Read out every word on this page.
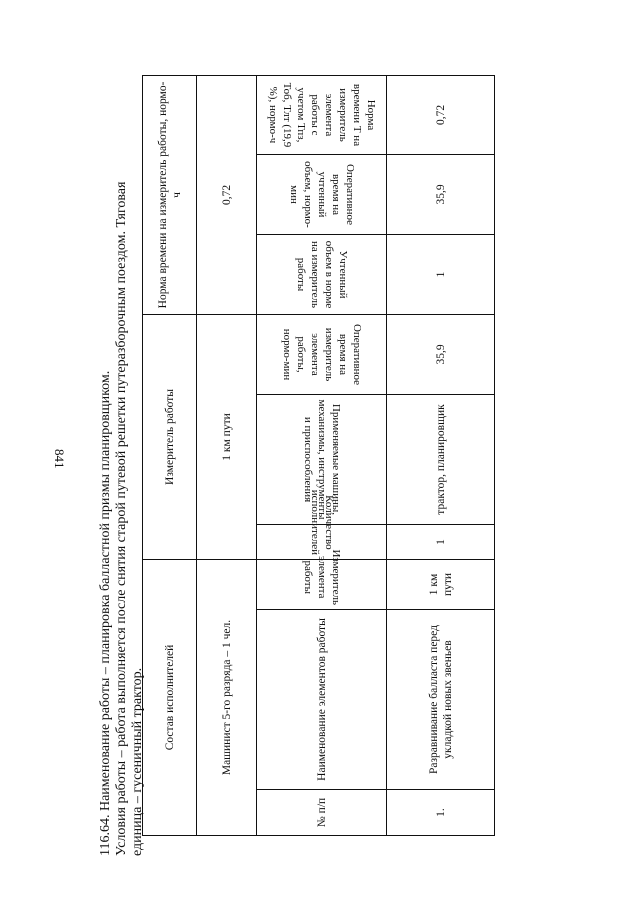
841 116.64. Наименование работы – планировка балластной призмы планировщиком. Условия работы – работа выполняется после снятия старой путевой решетки путеразборочным поездом. Тяговая единица – гусеничный трактор. Состав исполнителей			Измеритель работы			Норма времени на измеритель работы, нормо-ч		
Машинист 5-го разряда – 1 чел.			1 км пути			0,72		
№ п/п	Наименование элементов работы	Измеритель элемента работы	Количество исполнителей	Применяемые машины, механизмы, инструменты и приспособления	Оперативное время на измеритель элемента работы, нормо-мин	Учтенный объем в норме на измеритель работы	Оперативное время на учтенный объем, нормо-мин	Норма времени Т на измеритель элемента работы с учетом Тпз, Тоб, Тлт (19,9 %), нормо-ч
1.	Разравнивание балласта перед укладкой новых звеньев	1 км пути	1	трактор, планировщик	35,9	1	35,9	0,72
